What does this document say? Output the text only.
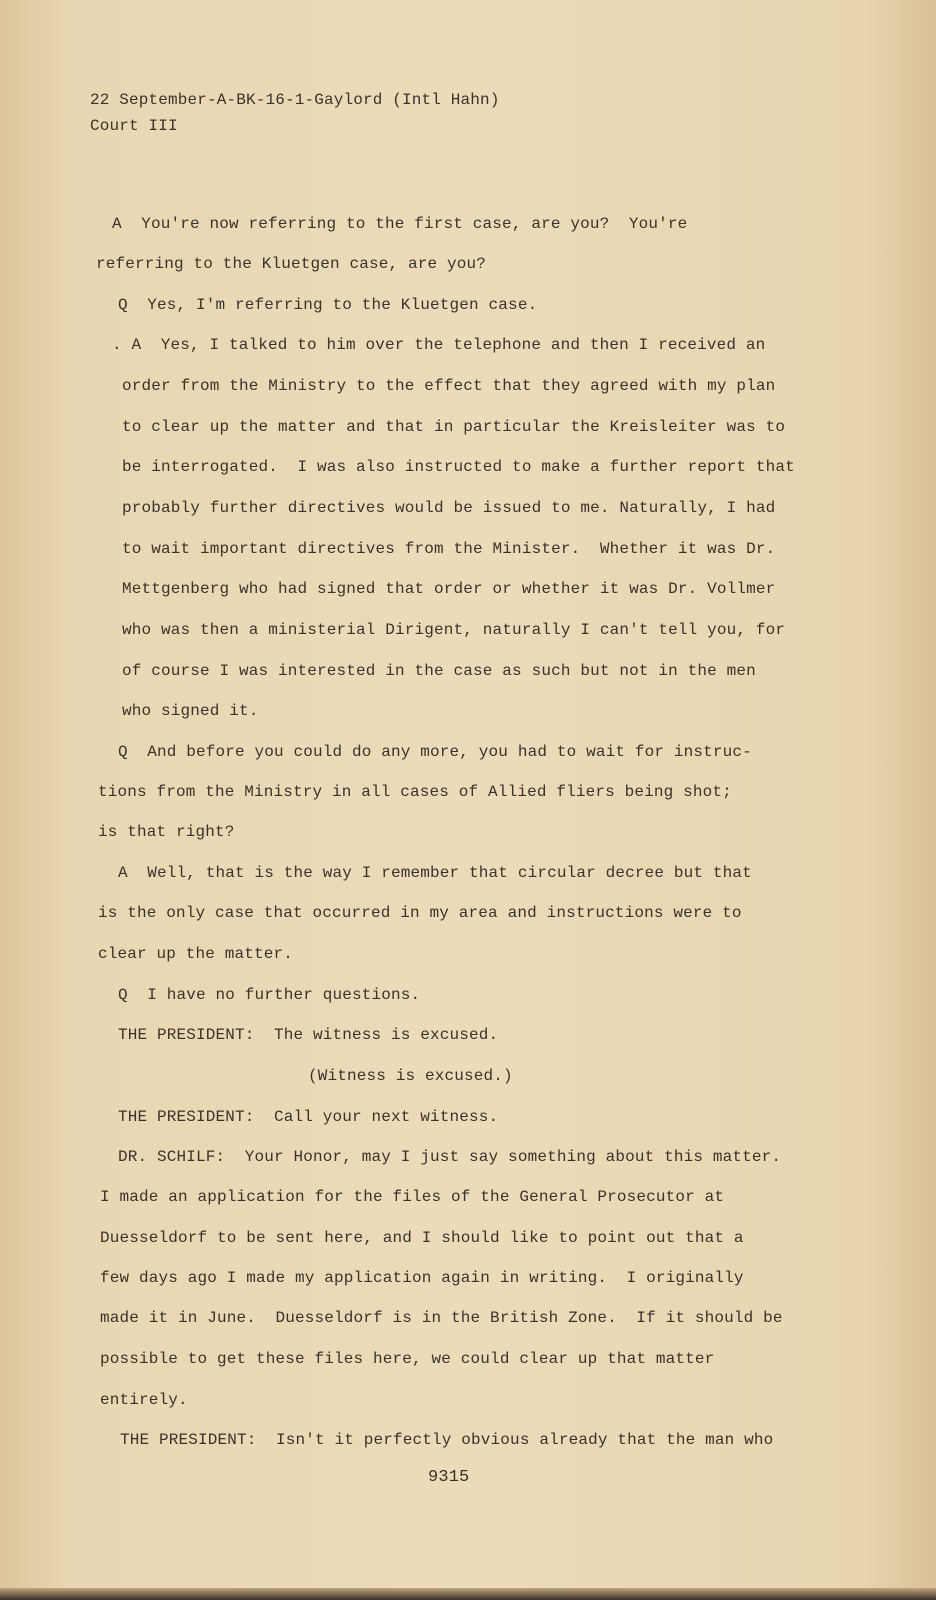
22 September-A-BK-16-1-Gaylord (Intl Hahn)
Court III
A  You're now referring to the first case, are you?  You're
referring to the Kluetgen case, are you?
Q  Yes, I'm referring to the Kluetgen case.
. A  Yes, I talked to him over the telephone and then I received an
order from the Ministry to the effect that they agreed with my plan
to clear up the matter and that in particular the Kreisleiter was to
be interrogated.  I was also instructed to make a further report that
probably further directives would be issued to me. Naturally, I had
to wait important directives from the Minister.  Whether it was Dr.
Mettgenberg who had signed that order or whether it was Dr. Vollmer
who was then a ministerial Dirigent, naturally I can't tell you, for
of course I was interested in the case as such but not in the men
who signed it.
Q  And before you could do any more, you had to wait for instruc-
tions from the Ministry in all cases of Allied fliers being shot;
is that right?
A  Well, that is the way I remember that circular decree but that
is the only case that occurred in my area and instructions were to
clear up the matter.
Q  I have no further questions.
THE PRESIDENT:  The witness is excused.
(Witness is excused.)
THE PRESIDENT:  Call your next witness.
DR. SCHILF:  Your Honor, may I just say something about this matter.
I made an application for the files of the General Prosecutor at
Duesseldorf to be sent here, and I should like to point out that a
few days ago I made my application again in writing.  I originally
made it in June.  Duesseldorf is in the British Zone.  If it should be
possible to get these files here, we could clear up that matter
entirely.
THE PRESIDENT:  Isn't it perfectly obvious already that the man who
9315
